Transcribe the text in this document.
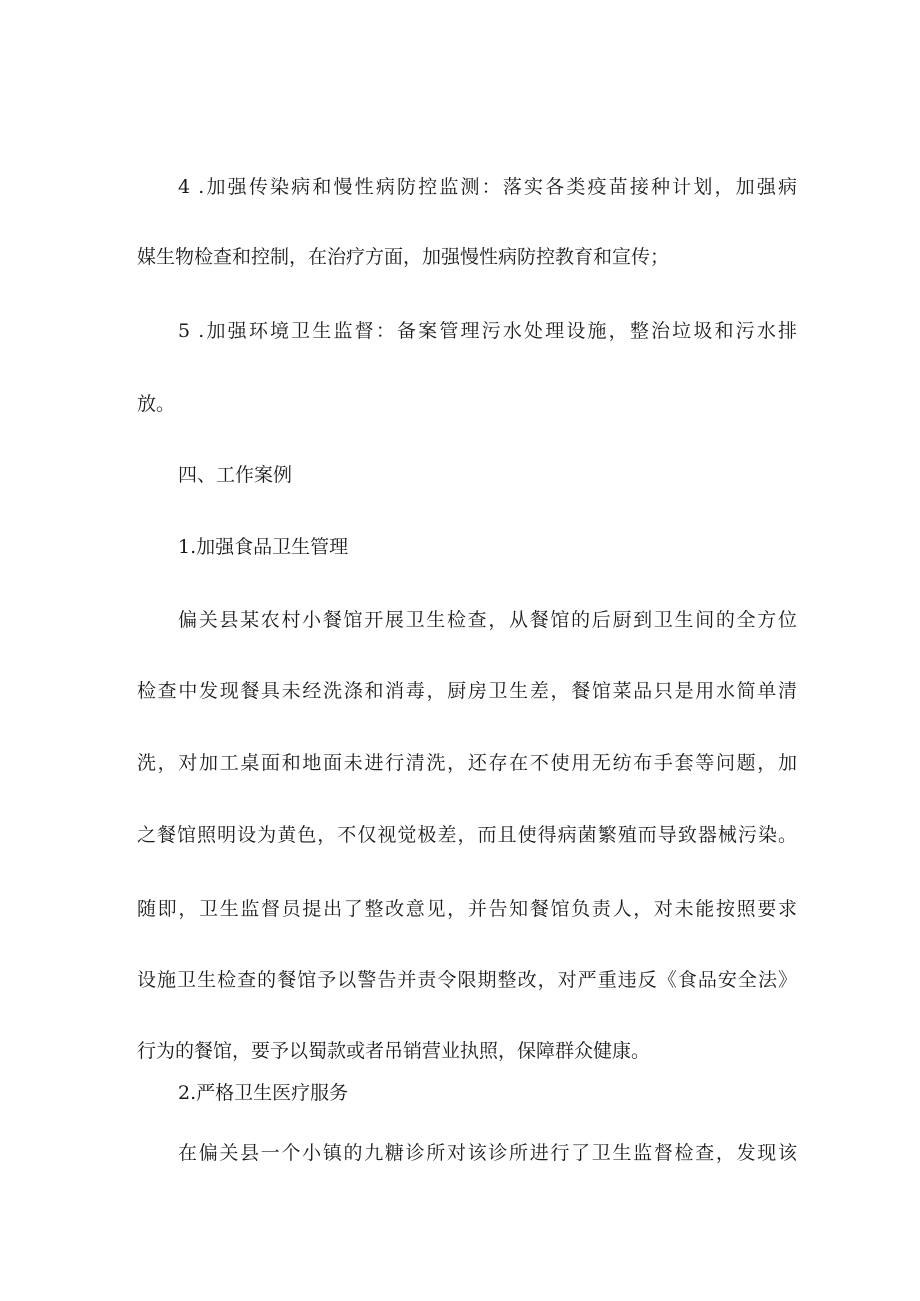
4 .加强传染病和慢性病防控监测：落实各类疫苗接种计划，加强病
媒生物检查和控制，在治疗方面，加强慢性病防控教育和宣传；
5 .加强环境卫生监督：备案管理污水处理设施，整治垃圾和污水排
放。
四、工作案例
1.加强食品卫生管理
偏关县某农村小餐馆开展卫生检查，从餐馆的后厨到卫生间的全方位
检查中发现餐具未经洗涤和消毒，厨房卫生差，餐馆菜品只是用水简单清
洗，对加工桌面和地面未进行清洗，还存在不使用无纺布手套等问题，加
之餐馆照明设为黄色，不仅视觉极差，而且使得病菌繁殖而导致器械污染。
随即，卫生监督员提出了整改意见，并告知餐馆负责人，对未能按照要求
设施卫生检查的餐馆予以警告并责令限期整改，对严重违反《食品安全法》
行为的餐馆，要予以蜀款或者吊销营业执照，保障群众健康。
2.严格卫生医疗服务
在偏关县一个小镇的九糖诊所对该诊所进行了卫生监督检查，发现该
